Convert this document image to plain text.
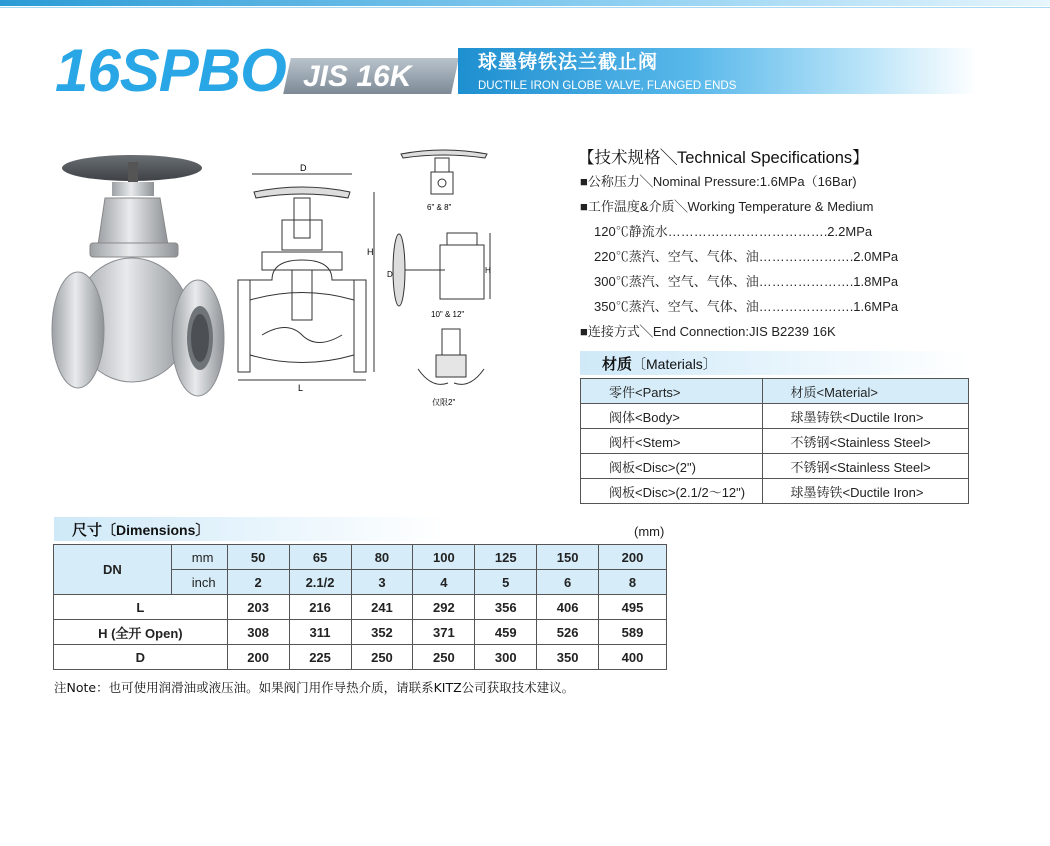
16SPBO JIS 16K	球墨铸铁法兰截止阀
DUCTILE IRON GLOBE VALVE, FLANGED ENDS
D
H
L
6" & 8"
D	H
10" & 12"
仅限2"
【技术规格╲Technical Specifications】
■公称压力╲Nominal Pressure:1.6MPa（16Bar)
■工作温度&介质╲Working Temperature & Medium
120℃静流水……………………………….2.2MPa
220℃蒸汽、空气、气体、油………………….2.0MPa
300℃蒸汽、空气、气体、油………………….1.8MPa
350℃蒸汽、空气、气体、油………………….1.6MPa
■连接方式╲End Connection:JIS B2239 16K
材质〔Materials〕
零件<Parts>	材质<Material>
阀体<Body>	球墨铸铁<Ductile Iron>
阀杆<Stem>	不锈钢<Stainless Steel>
阀板<Disc>(2")	不锈钢<Stainless Steel>
阀板<Disc>(2.1/2～12")	球墨铸铁<Ductile Iron>
尺寸〔Dimensions〕	(mm)
DN	mm	50	65	80	100	125	150	200
	inch	2	2.1/2	3	4	5	6	8
L		203	216	241	292	356	406	495
H (全开 Open)		308	311	352	371	459	526	589
D		200	225	250	250	300	350	400
注Note：也可使用润滑油或液压油。如果阀门用作导热介质，请联系KITZ公司获取技术建议。
